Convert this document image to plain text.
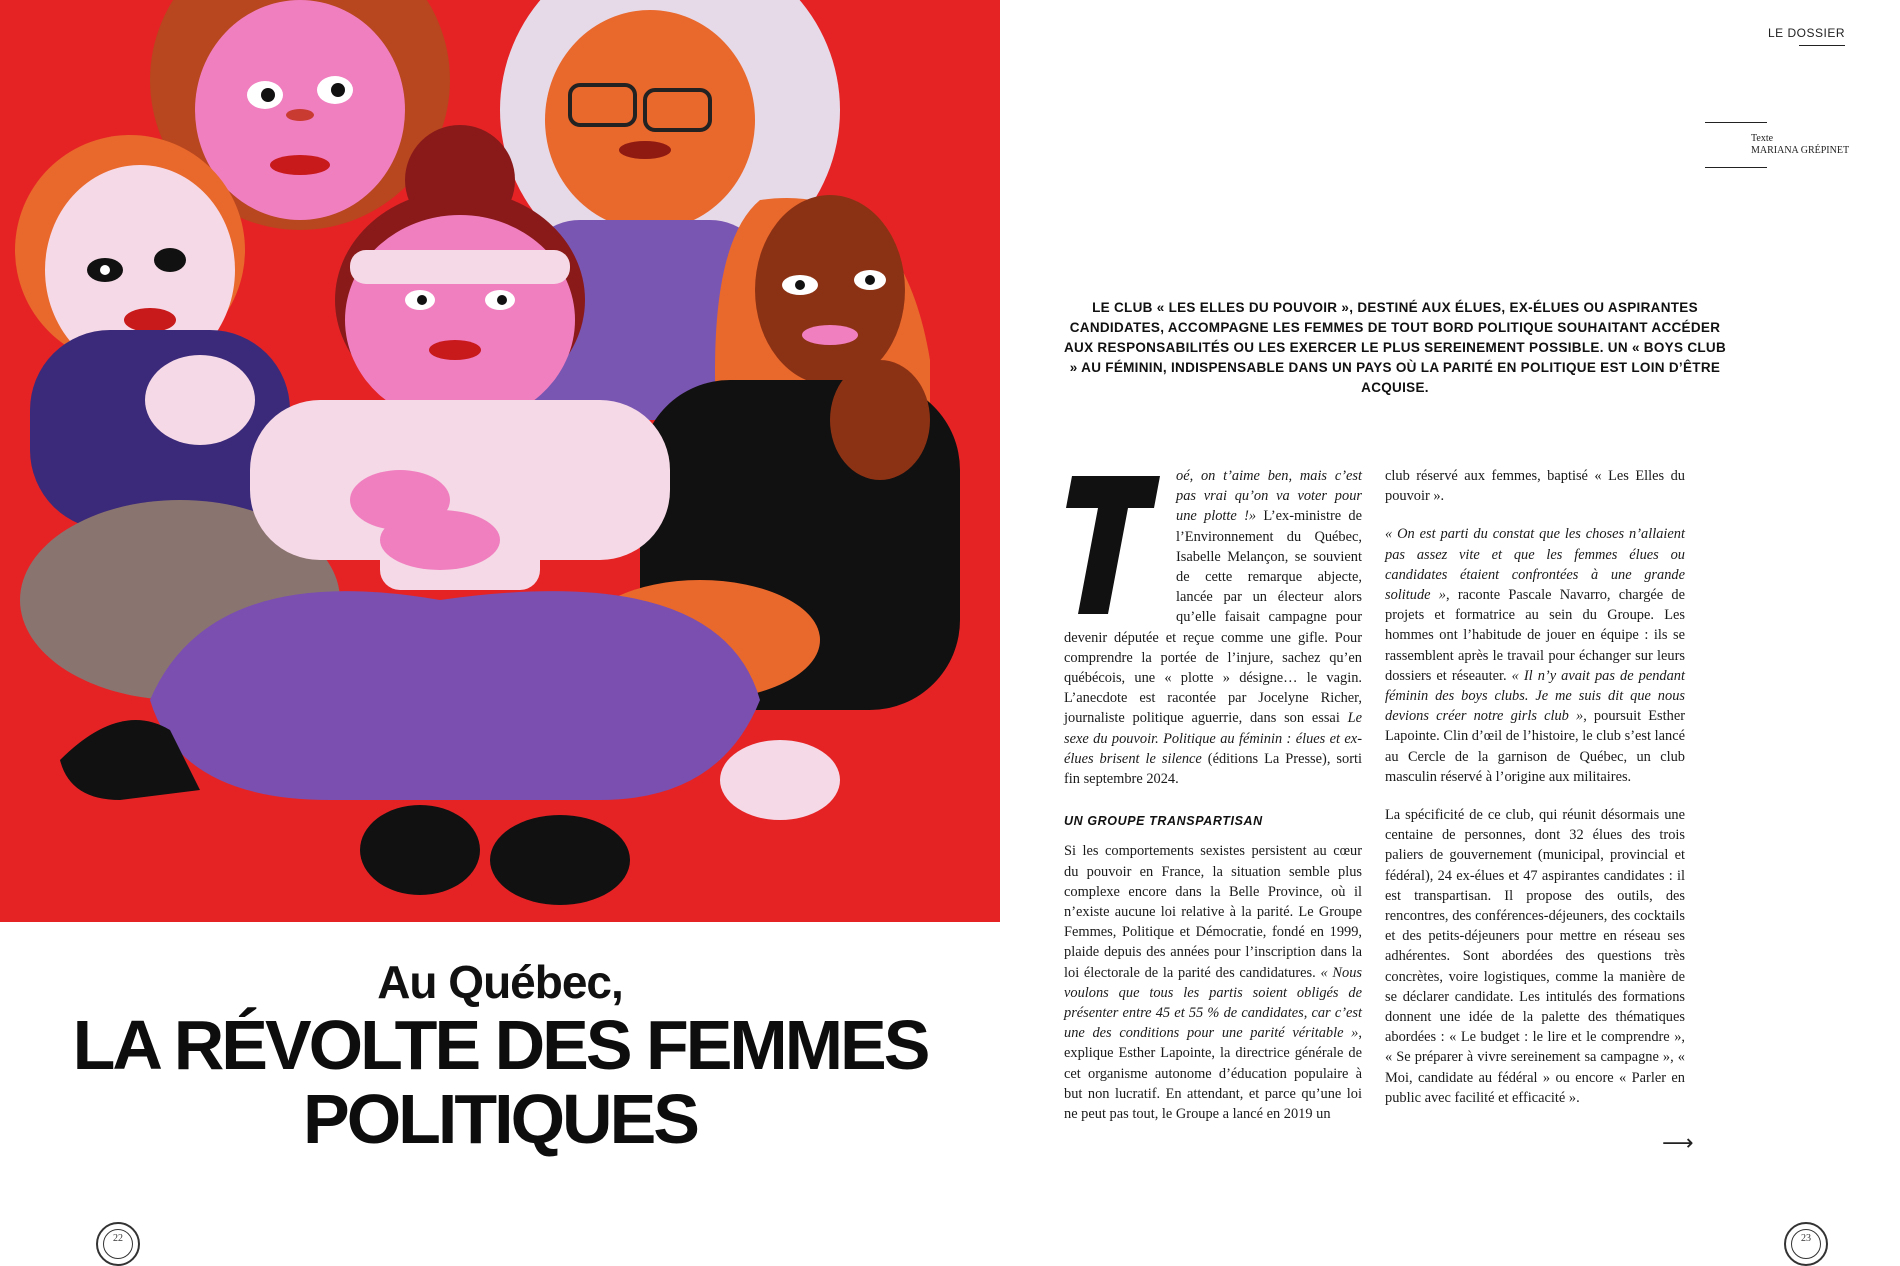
Au Québec,
LA RÉVOLTE DES FEMMES POLITIQUES
22	23
LE DOSSIER
Texte
MARIANA GRÉPINET
LE CLUB « LES ELLES DU POUVOIR », DESTINÉ AUX ÉLUES, EX-ÉLUES OU ASPIRANTES CANDIDATES, ACCOMPAGNE LES FEMMES DE TOUT BORD POLITIQUE SOUHAITANT ACCÉDER AUX RESPONSABILITÉS OU LES EXERCER LE PLUS SEREINEMENT POSSIBLE. UN « BOYS CLUB » AU FÉMININ, INDISPENSABLE DANS UN PAYS OÙ LA PARITÉ EN POLITIQUE EST LOIN D’ÊTRE ACQUISE.
T	oé, on t’aime ben, mais c’est pas vrai qu’on va voter pour une plotte !» L’ex-ministre de l’Environnement du Québec, Isabelle Melançon, se souvient de cette remarque abjecte, lancée par un électeur alors qu’elle faisait campagne pour devenir députée et reçue comme une gifle. Pour comprendre la portée de l’injure, sachez qu’en québécois, une « plotte » désigne… le vagin. L’anecdote est racontée par Jocelyne Richer, journaliste politique aguerrie, dans son essai Le sexe du pouvoir. Politique au féminin : élues et ex-élues brisent le silence (éditions La Presse), sorti fin septembre 2024.

UN GROUPE TRANSPARTISAN

Si les comportements sexistes persistent au cœur du pouvoir en France, la situation semble plus complexe encore dans la Belle Province, où il n’existe aucune loi relative à la parité. Le Groupe Femmes, Politique et Démocratie, fondé en 1999, plaide depuis des années pour l’inscription dans la loi électorale de la parité des candidatures. « Nous voulons que tous les partis soient obligés de présenter entre 45 et 55 % de candidates, car c’est une des conditions pour une parité véritable », explique Esther Lapointe, la directrice générale de cet organisme autonome d’éducation populaire à but non lucratif. En attendant, et parce qu’une loi ne peut pas tout, le Groupe a lancé en 2019 un

club réservé aux femmes, baptisé « Les Elles du pouvoir ».

« On est parti du constat que les choses n’allaient pas assez vite et que les femmes élues ou candidates étaient confrontées à une grande solitude », raconte Pascale Navarro, chargée de projets et formatrice au sein du Groupe. Les hommes ont l’habitude de jouer en équipe : ils se rassemblent après le travail pour échanger sur leurs dossiers et réseauter. « Il n’y avait pas de pendant féminin des boys clubs. Je me suis dit que nous devions créer notre girls club », poursuit Esther Lapointe. Clin d’œil de l’histoire, le club s’est lancé au Cercle de la garnison de Québec, un club masculin réservé à l’origine aux militaires.

La spécificité de ce club, qui réunit désormais une centaine de personnes, dont 32 élues des trois paliers de gouvernement (municipal, provincial et fédéral), 24 ex-élues et 47 aspirantes candidates : il est transpartisan. Il propose des outils, des rencontres, des conférences-déjeuners, des cocktails et des petits-déjeuners pour mettre en réseau ses adhérentes. Sont abordées des questions très concrètes, voire logistiques, comme la manière de se déclarer candidate. Les intitulés des formations donnent une idée de la palette des thématiques abordées : « Le budget : le lire et le comprendre », « Se préparer à vivre sereinement sa campagne », « Moi, candidate au fédéral » ou encore « Parler en public avec facilité et efficacité ».

⟶
